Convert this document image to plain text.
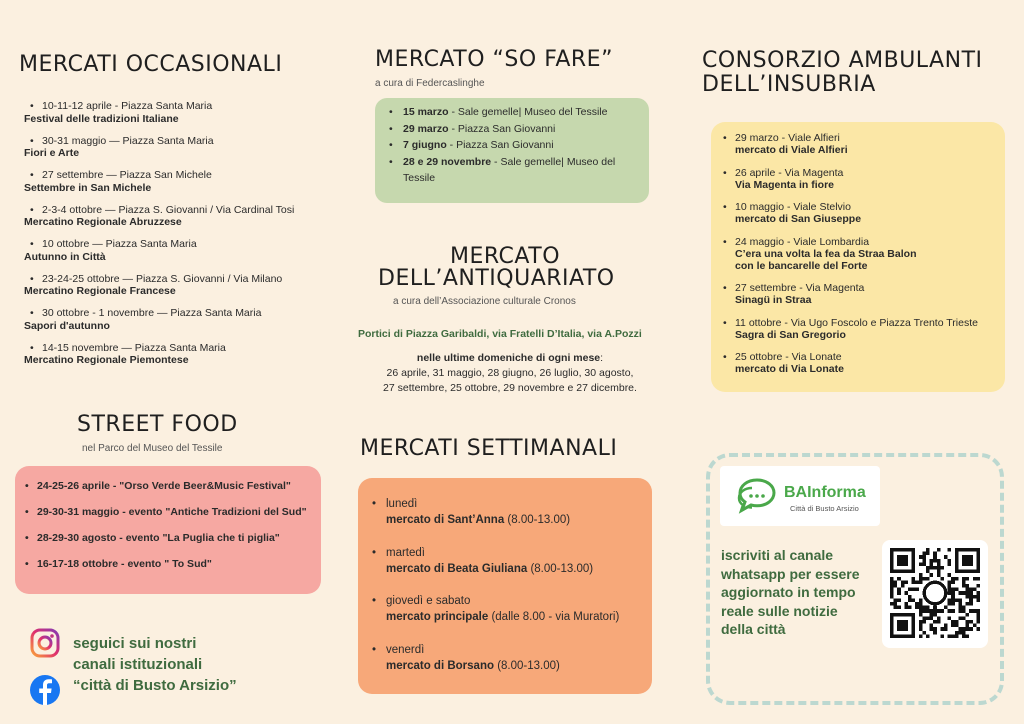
MERCATI OCCASIONALI
• 10-11-12 aprile - Piazza Santa Maria
Festival delle tradizioni Italiane
• 30-31 maggio — Piazza Santa Maria
Fiori e Arte
• 27 settembre — Piazza San Michele
Settembre in San Michele
• 2-3-4 ottobre — Piazza S. Giovanni / Via Cardinal Tosi
Mercatino Regionale Abruzzese
• 10 ottobre — Piazza Santa Maria
Autunno in Città
• 23-24-25 ottobre — Piazza S. Giovanni / Via Milano
Mercatino Regionale Francese
• 30 ottobre - 1 novembre — Piazza Santa Maria
Sapori d'autunno
• 14-15 novembre — Piazza Santa Maria
Mercatino Regionale Piemontese
MERCATO “SO FARE”
a cura di Federcaslinghe
• 15 marzo - Sale gemelle| Museo del Tessile
• 29 marzo - Piazza San Giovanni
• 7 giugno - Piazza San Giovanni
• 28 e 29 novembre - Sale gemelle| Museo del Tessile
MERCATO
DELL’ANTIQUARIATO
a cura dell’Associazione culturale Cronos
Portici di Piazza Garibaldi, via Fratelli D’Italia, via A.Pozzi
nelle ultime domeniche di ogni mese:
26 aprile, 31 maggio, 28 giugno, 26 luglio, 30 agosto,
27 settembre, 25 ottobre, 29 novembre e 27 dicembre.
CONSORZIO AMBULANTI
DELL’INSUBRIA
• 29 marzo - Viale Alfieri
mercato di Viale Alfieri
• 26 aprile - Via Magenta
Via Magenta in fiore
• 10 maggio - Viale Stelvio
mercato di San Giuseppe
• 24 maggio - Viale Lombardia
C’era una volta la fea da Straa Balon
con le bancarelle del Forte
• 27 settembre - Via Magenta
Sinagü in Straa
• 11 ottobre - Via Ugo Foscolo e Piazza Trento Trieste
Sagra di San Gregorio
• 25 ottobre - Via Lonate
mercato di Via Lonate
STREET FOOD
nel Parco del Museo del Tessile
• 24-25-26 aprile - "Orso Verde Beer&Music Festival"
• 29-30-31 maggio - evento "Antiche Tradizioni del Sud"
• 28-29-30 agosto - evento "La Puglia che ti piglia"
• 16-17-18 ottobre - evento " To Sud"
MERCATI SETTIMANALI
• lunedì
mercato di Sant’Anna (8.00-13.00)
• martedì
mercato di Beata Giuliana (8.00-13.00)
• giovedì e sabato
mercato principale (dalle 8.00 - via Muratori)
• venerdì
mercato di Borsano (8.00-13.00)
seguici sui nostri
canali istituzionali
“città di Busto Arsizio”
BAInforma
Città di Busto Arsizio
iscriviti al canale
whatsapp per essere
aggiornato in tempo
reale sulle notizie
della città
